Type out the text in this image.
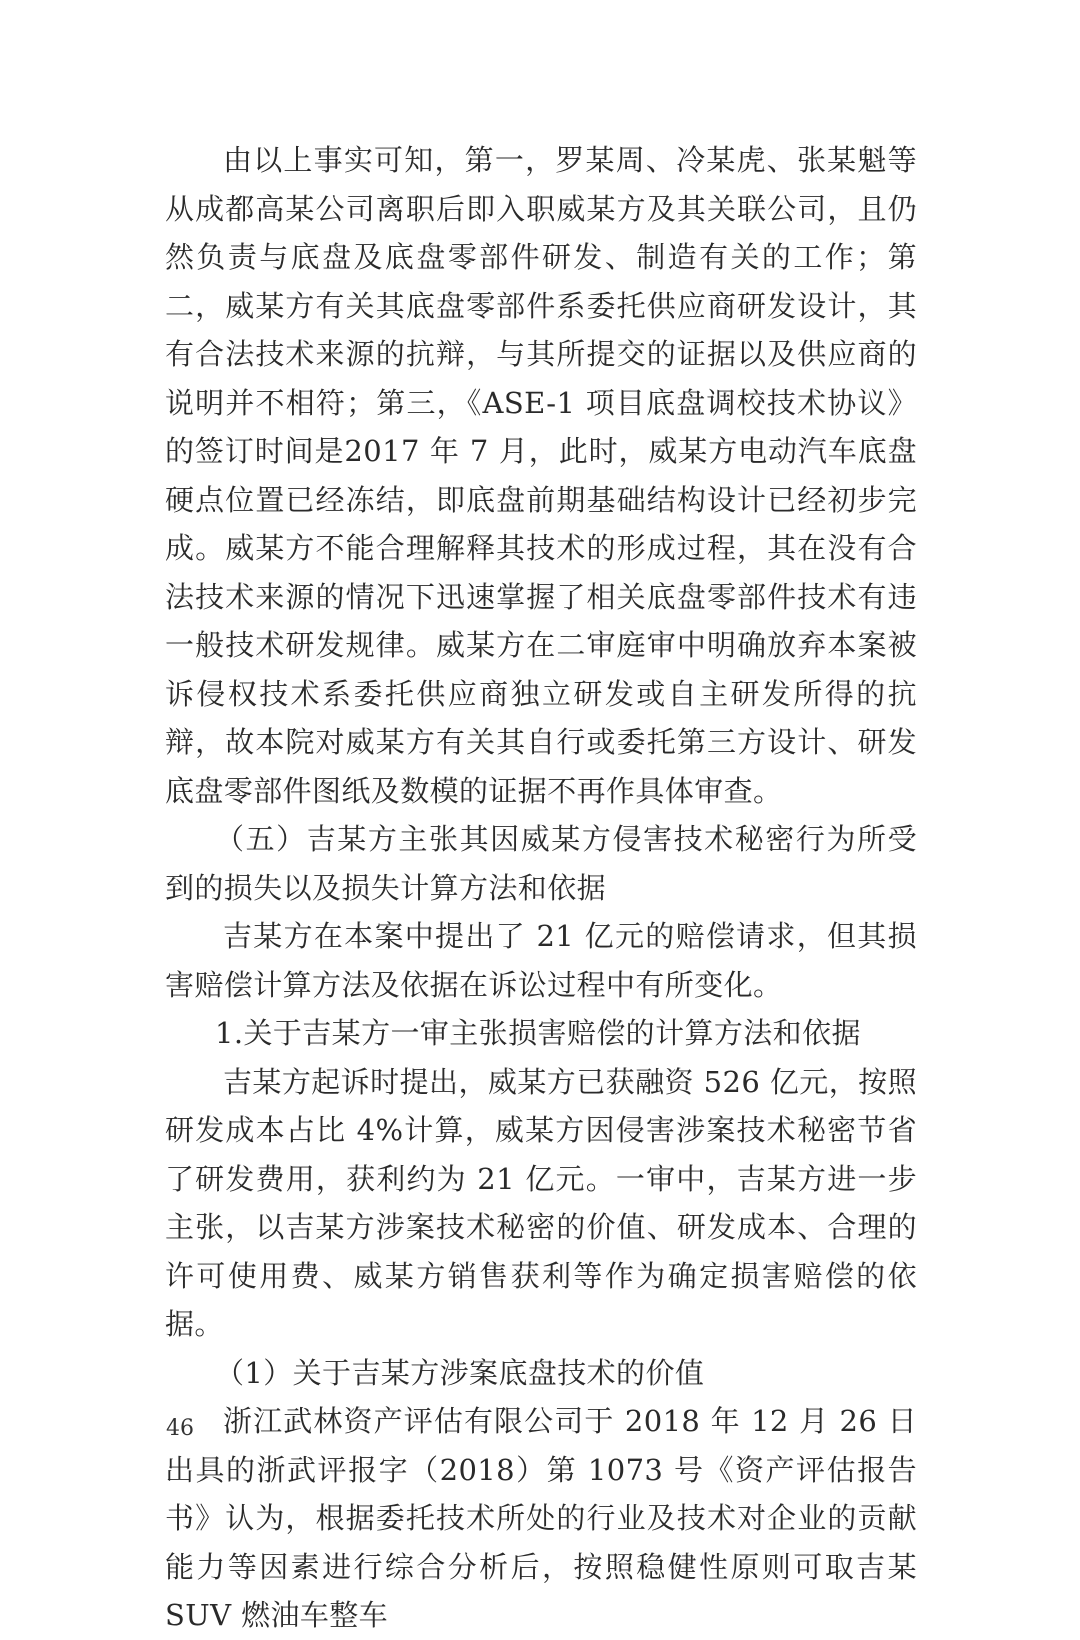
由以上事实可知，第一，罗某周、冷某虎、张某魁等从成都高某公司离职后即入职威某方及其关联公司，且仍然负责与底盘及底盘零部件研发、制造有关的工作；第二，威某方有关其底盘零部件系委托供应商研发设计，其有合法技术来源的抗辩，与其所提交的证据以及供应商的说明并不相符；第三，《ASE-1 项目底盘调校技术协议》的签订时间是2017 年 7 月，此时，威某方电动汽车底盘硬点位置已经冻结，即底盘前期基础结构设计已经初步完成。威某方不能合理解释其技术的形成过程，其在没有合法技术来源的情况下迅速掌握了相关底盘零部件技术有违一般技术研发规律。威某方在二审庭审中明确放弃本案被诉侵权技术系委托供应商独立研发或自主研发所得的抗辩，故本院对威某方有关其自行或委托第三方设计、研发底盘零部件图纸及数模的证据不再作具体审查。

（五）吉某方主张其因威某方侵害技术秘密行为所受到的损失以及损失计算方法和依据

吉某方在本案中提出了 21 亿元的赔偿请求，但其损害赔偿计算方法及依据在诉讼过程中有所变化。

1.关于吉某方一审主张损害赔偿的计算方法和依据

吉某方起诉时提出，威某方已获融资 526 亿元，按照研发成本占比 4%计算，威某方因侵害涉案技术秘密节省了研发费用，获利约为 21 亿元。一审中，吉某方进一步主张，以吉某方涉案技术秘密的价值、研发成本、合理的许可使用费、威某方销售获利等作为确定损害赔偿的依据。

（1）关于吉某方涉案底盘技术的价值

浙江武林资产评估有限公司于 2018 年 12 月 26 日出具的浙武评报字（2018）第 1073 号《资产评估报告书》认为，根据委托技术所处的行业及技术对企业的贡献能力等因素进行综合分析后，按照稳健性原则可取吉某 SUV 燃油车整车

46
